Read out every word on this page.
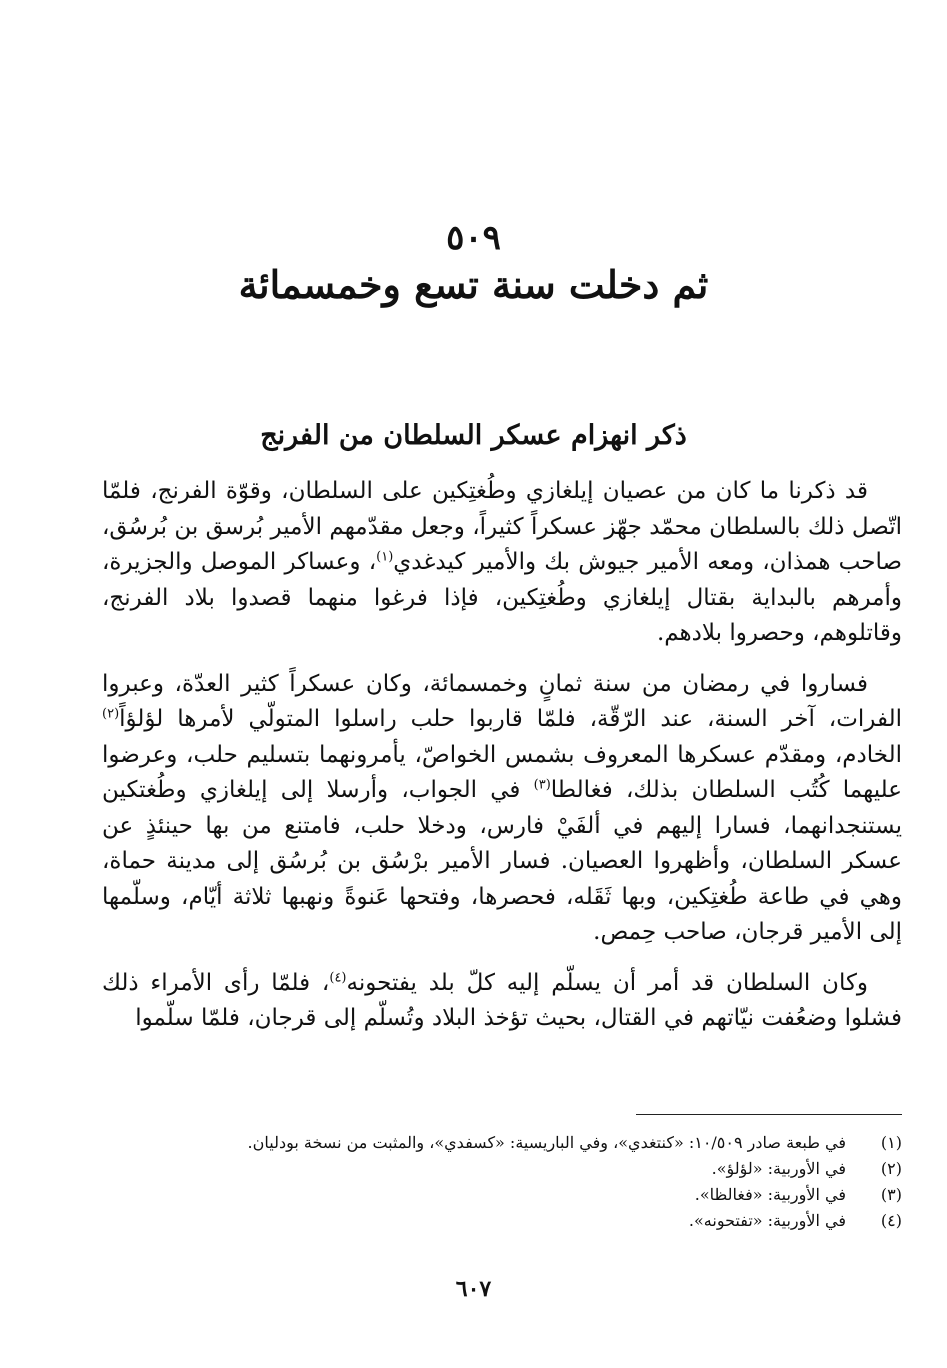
٥٠٩
ثم دخلت سنة تسع وخمسمائة
ذكر انهزام عسكر السلطان من الفرنج

قد ذكرنا ما كان من عصيان إيلغازي وطُغتِكين على السلطان، وقوّة الفرنج، فلمّا اتّصل ذلك بالسلطان محمّد جهّز عسكراً كثيراً، وجعل مقدّمهم الأمير بُرسق بن بُرسُق، صاحب همذان، ومعه الأمير جيوش بك والأمير كيدغدي$^{(١)}$، وعساكر الموصل والجزيرة، وأمرهم بالبداية بقتال إيلغازي وطُغتِكين، فإذا فرغوا منهما قصدوا بلاد الفرنج، وقاتلوهم، وحصروا بلادهم.

فساروا في رمضان من سنة ثمانٍ وخمسمائة، وكان عسكراً كثير العدّة، وعبروا الفرات، آخر السنة، عند الرّقّة، فلمّا قاربوا حلب راسلوا المتولّي لأمرها لؤلؤاً$^{(٢)}$ الخادم، ومقدّم عسكرها المعروف بشمس الخواصّ، يأمرونهما بتسليم حلب، وعرضوا عليهما كُتُب السلطان بذلك، فغالطا$^{(٣)}$ في الجواب، وأرسلا إلى إيلغازي وطُغتكين يستنجدانهما، فسارا إليهم في ألفَيْ فارس، ودخلا حلب، فامتنع من بها حينئذٍ عن عسكر السلطان، وأظهروا العصيان. فسار الأمير برْسُق بن بُرسُق إلى مدينة حماة، وهي في طاعة طُغتِكين، وبها ثَقَله، فحصرها، وفتحها عَنوةً ونهبها ثلاثة أيّام، وسلّمها إلى الأمير قرجان، صاحب حِمص.

وكان السلطان قد أمر أن يسلّم إليه كلّ بلد يفتحونه$^{(٤)}$، فلمّا رأى الأمراء ذلك فشلوا وضعُفت نيّاتهم في القتال، بحيث تؤخذ البلاد وتُسلّم إلى قرجان، فلمّا سلّموا

(١)
في طبعة صادر ١٠/٥٠٩: «كنتغدي»، وفي الباريسية: «كسفدي»، والمثبت من نسخة بودليان.
(٢)
في الأوربية: «لؤلؤ».
(٣)
في الأوربية: «فغالظا».
(٤)
في الأوربية: «تفتحونه».
٦٠٧
